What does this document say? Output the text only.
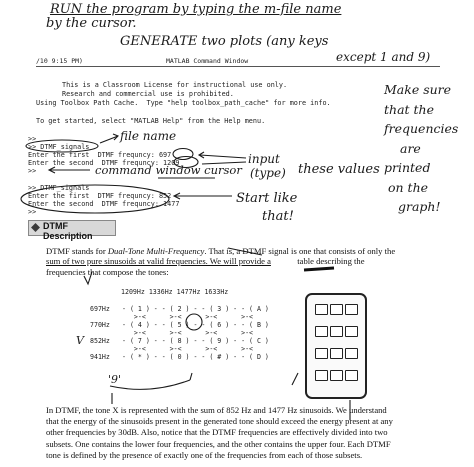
RUN the program by typing the m-file name
by the cursor.
GENERATE two plots (any keys
except 1 and 9)
/10 9:15 PM)	MATLAB Command Window
This is a Classroom License for instructional use only.
Research and commercial use is prohibited.
Using Toolbox Path Cache.  Type "help toolbox_path_cache" for more info.
To get started, select "MATLAB Help" from the Help menu.
Make sure
that the
frequencies
are
printed
on the
graph!
>>
>> DTMF_signals
Enter the first  DTMF frequncy: 697
Enter the second  DTMF frequncy: 1209
>>
>> DTMF_signals
Enter the first  DTMF frequncy: 852
Enter the second  DTMF frequncy: 1477
>>
file name
input
(type) these values
command window cursor
Start like
that!
DTMF Description
DTMF stands for Dual-Tone Multi-Frequency. That is, a DTMF signal is one that consists of only the
sum of two pure sinusoids at valid frequencies. We will provide a	table describing the
frequencies that compose the tones:
1209Hz 1336Hz 1477Hz 1633Hz
697Hz - ( 1 ) - - ( 2 ) - - ( 3 ) - - ( A )
>-<      >-<      >-<      >-<
770Hz - ( 4 ) - - ( 5 ) - - ( 6 ) - - ( B )
>-<      >-<      >-<      >-<
852Hz - ( 7 ) - - ( 8 ) - - ( 9 ) - - ( C )
>-<      >-<      >-<      >-<
941Hz - ( * ) - - ( 0 ) - - ( # ) - - ( D )
V
'9'
In DTMF, the tone X is represented with the sum of 852 Hz and 1477 Hz sinusoids. We understand
that the energy of the sinusoids present in the generated tone should exceed the energy present at any
other frequencies by 30dB. Also, notice that the DTMF frequencies are effectively divided into two
subsets. One contains the lower four frequencies, and the other contains the upper four. Each DTMF
tone is defined by the presence of exactly one of the frequencies from each of those subsets.
